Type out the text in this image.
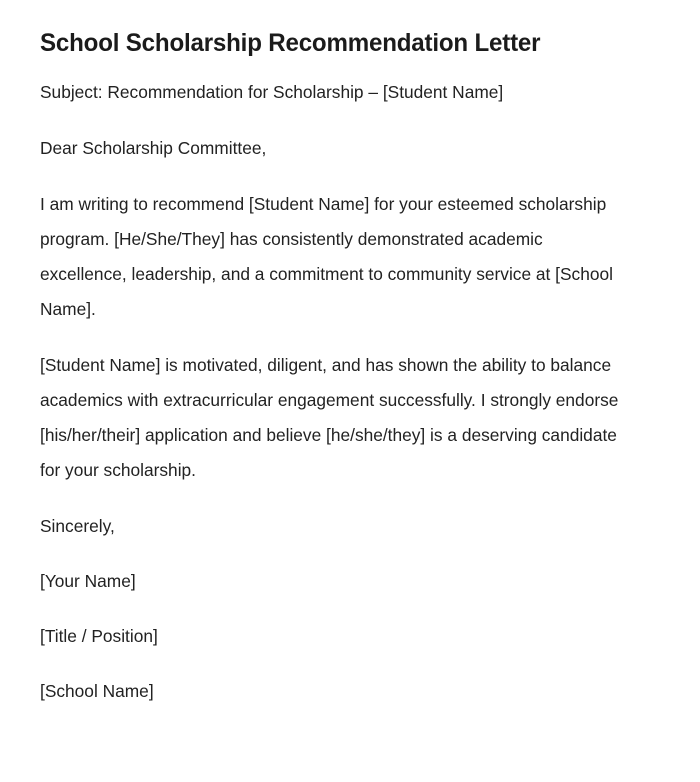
School Scholarship Recommendation Letter

Subject: Recommendation for Scholarship – [Student Name]

Dear Scholarship Committee,

I am writing to recommend [Student Name] for your esteemed scholarship program. [He/She/They] has consistently demonstrated academic excellence, leadership, and a commitment to community service at [School Name].

[Student Name] is motivated, diligent, and has shown the ability to balance academics with extracurricular engagement successfully. I strongly endorse [his/her/their] application and believe [he/she/they] is a deserving candidate for your scholarship.

Sincerely,

[Your Name]

[Title / Position]

[School Name]
